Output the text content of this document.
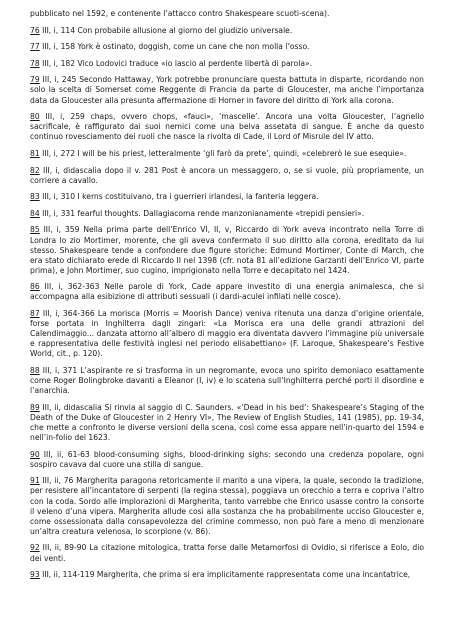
pubblicato nel 1592, e contenente l’attacco contro Shakespeare scuoti-scena).

76 III, i, 114 Con probabile allusione al giorno del giudizio universale.

77 III, i, 158 York è ostinato, doggish, come un cane che non molla l’osso.

78 III, i, 182 Vico Lodovici traduce «io lascio al perdente libertà di parola».

79 III, i, 245 Secondo Hattaway, York potrebbe pronunciare questa battuta in disparte, ricordando non solo la scelta di Somerset come Reggente di Francia da parte di Gloucester, ma anche l’importanza data da Gloucester alla presunta affermazione di Horner in favore del diritto di York alla corona.

80 III, i, 259 chaps, ovvero chops, «fauci», ‘mascelle’. Ancora una volta Gloucester, l’agnello sacrificale, è raffigurato dai suoi nemici come una belva assetata di sangue. È anche da questo continuo rovesciamento dei ruoli che nasce la rivolta di Cade, il Lord of Misrule del IV atto.

81 III, i, 272 I will be his priest, letteralmente ‘gli farò da prete’, quindi, «celebrerò le sue esequie».

82 III, i, didascalia dopo il v. 281 Post è ancora un messaggero, o, se si vuole, più propriamente, un corriere a cavallo.

83 III, i, 310 I kerns costituivano, tra i guerrieri irlandesi, la fanteria leggera.

84 III, i, 331 fearful thoughts. Dallagiacoma rende manzonianamente «trepidi pensieri».

85 III, i, 359 Nella prima parte dell’Enrico VI, II, v, Riccardo di York aveva incontrato nella Torre di Londra lo zio Mortimer, morente, che gli aveva confermato il suo diritto alla corona, ereditato da lui stesso. Shakespeare tende a confondere due figure storiche: Edmund Mortimer, Conte di March, che era stato dichiarato erede di Riccardo II nel 1398 (cfr. nota 81 all’edizione Garzanti dell’Enrico VI, parte prima), e John Mortimer, suo cugino, imprigionato nella Torre e decapitato nel 1424.

86 III, i, 362-363 Nelle parole di York, Cade appare investito di una energia animalesca, che si accompagna alla esibizione di attributi sessuali (i dardi-aculei infilati nelle cosce).

87 III, i, 364-366 La morisca (Morris = Moorish Dance) veniva ritenuta una danza d’origine orientale, forse portata in Inghilterra dagli zingari: «La Morisca era una delle grandi attrazioni del Calendimaggio... danzata attorno all’albero di maggio era diventata davvero l’immagine più universale e rappresentativa delle festività inglesi nel periodo elisabettiano» (F. Laroque, Shakespeare’s Festive World, cit., p. 120).

88 III, i, 371 L’aspirante re si trasforma in un negromante, evoca uno spirito demoniaco esattamente come Roger Bolingbroke davanti a Eleanor (I, iv) e lo scatena sull’Inghilterra perché porti il disordine e l’anarchia.

89 III, ii, didascalia Si rinvia al saggio di C. Saunders. «‘Dead in his bed’: Shakespeare’s Staging of the Death of the Duke of Gloucester in 2 Henry VI», The Review of English Studies, 141 (1985), pp. 19-34, che mette a confronto le diverse versioni della scena, così come essa appare nell’in-quarto del 1594 e nell’in-folio del 1623.

90 III, ii, 61-63 blood-consuming sighs, blood-drinking sighs: secondo una credenza popolare, ogni sospiro cavava dal cuore una stilla di sangue.

91 III, ii, 76 Margherita paragona retoricamente il marito a una vipera, la quale, secondo la tradizione, per resistere all’incantatore di serpenti (la regina stessa), poggiava un orecchio a terra e copriva l’altro con la coda. Sordo alle implorazioni di Margherita, tanto varrebbe che Enrico usasse contro la consorte il veleno d’una vipera. Margherita allude così alla sostanza che ha probabilmente ucciso Gloucester e, come ossessionata dalla consapevolezza del crimine commesso, non può fare a meno di menzionare un’altra creatura velenosa, lo scorpione (v. 86).

92 III, ii, 89-90 La citazione mitologica, tratta forse dalle Metamorfosi di Ovidio, si riferisce a Eolo, dio dei venti.

93 III, ii, 114-119 Margherita, che prima si era implicitamente rappresentata come una incantatrice,
